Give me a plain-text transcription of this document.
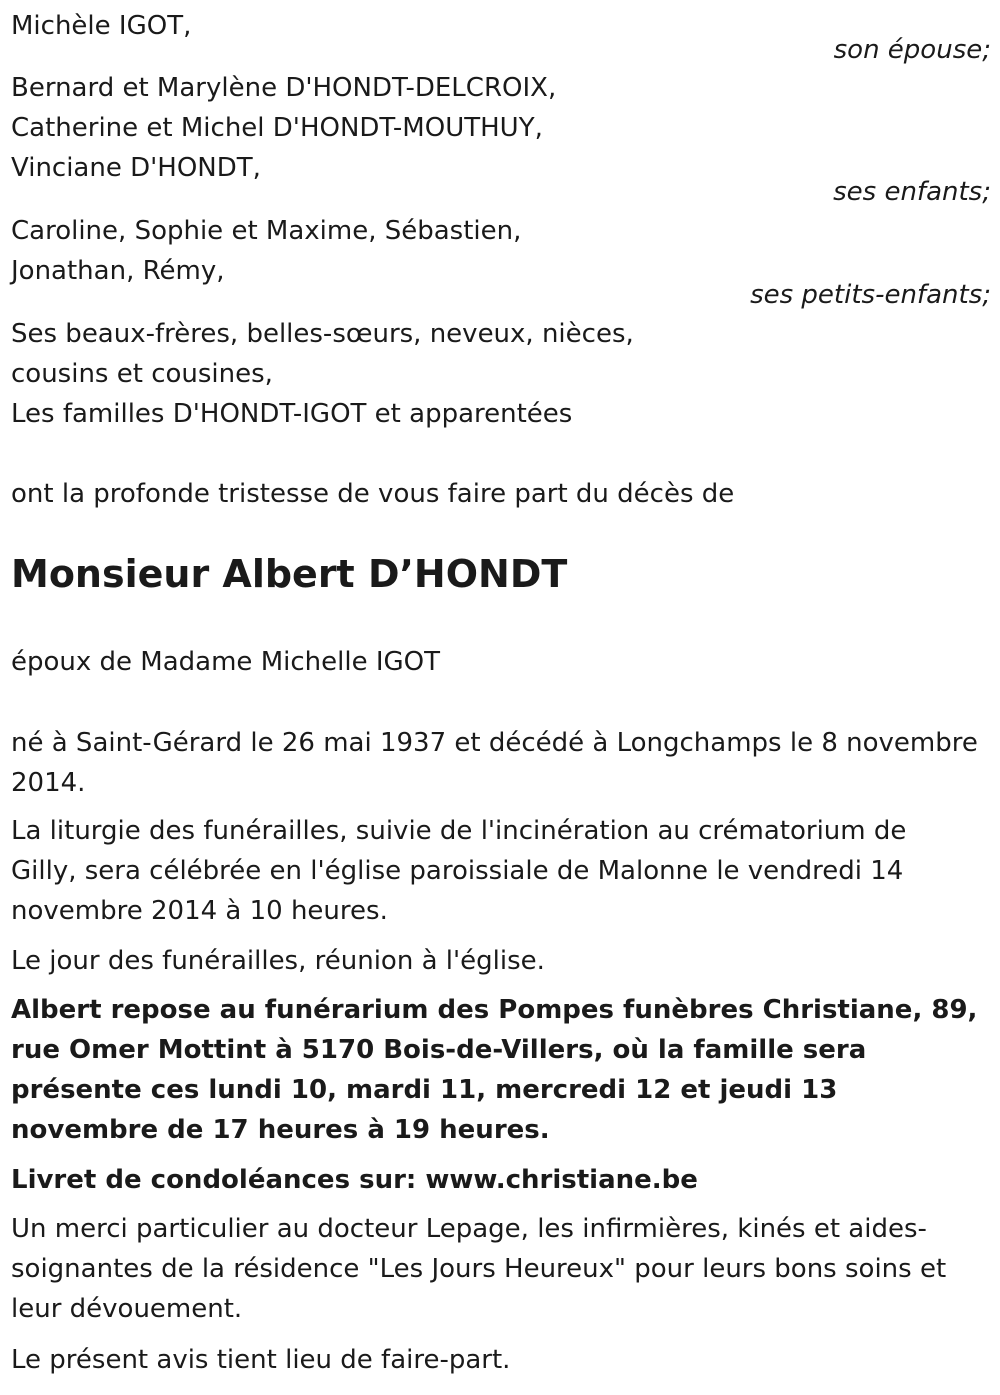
Michèle IGOT,
son épouse;
Bernard et Marylène D'HONDT-DELCROIX,
Catherine et Michel D'HONDT-MOUTHUY,
Vinciane D'HONDT,
ses enfants;
Caroline, Sophie et Maxime, Sébastien,
Jonathan, Rémy,
ses petits-enfants;
Ses beaux-frères, belles-sœurs, neveux, nièces,
cousins et cousines,
Les familles D'HONDT-IGOT et apparentées
ont la profonde tristesse de vous faire part du décès de
Monsieur Albert D’HONDT
époux de Madame Michelle IGOT
né à Saint-Gérard le 26 mai 1937 et décédé à Longchamps le 8 novembre 2014.
La liturgie des funérailles, suivie de l'incinération au crématorium de Gilly, sera célébrée en l'église paroissiale de Malonne le vendredi 14 novembre 2014 à 10 heures.
Le jour des funérailles, réunion à l'église.
Albert repose au funérarium des Pompes funèbres Christiane, 89, rue Omer Mottint à 5170 Bois-de-Villers, où la famille sera présente ces lundi 10, mardi 11, mercredi 12 et jeudi 13 novembre de 17 heures à 19 heures.
Livret de condoléances sur: www.christiane.be
Un merci particulier au docteur Lepage, les infirmières, kinés et aides-soignantes de la résidence "Les Jours Heureux" pour leurs bons soins et leur dévouement.
Le présent avis tient lieu de faire-part.
